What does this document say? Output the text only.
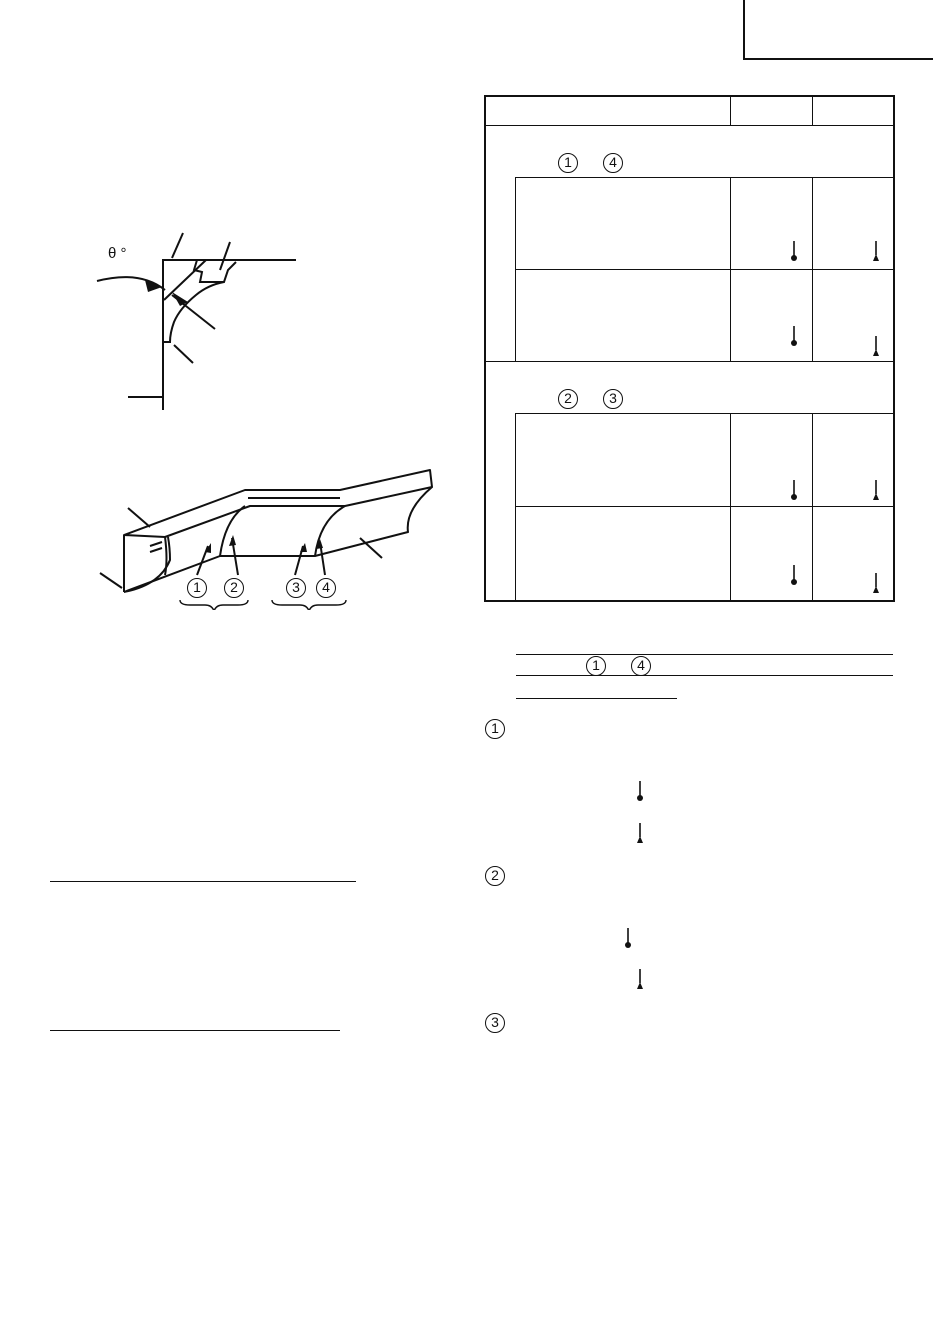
θ °
1	2	3	4
1	4
2	3
1	4
1
2
3
